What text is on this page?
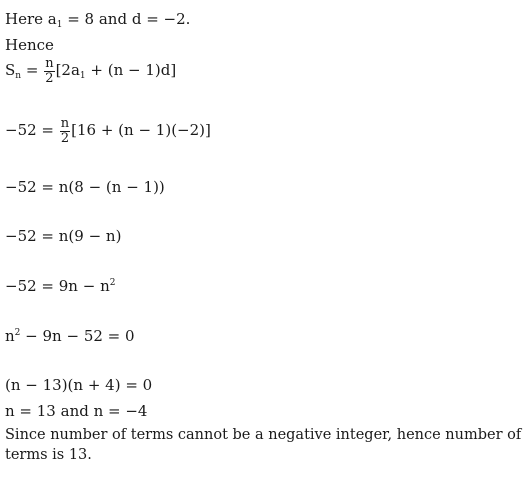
Here $a_1 = 8$ and d = −2.
Hence
$S_n = \frac{n}{2} [2a_1 + (n - 1)d]$
$-52 = \frac{n}{2} [16 + (n - 1)(-2)]$
−52 = n(8 − (n − 1))
−52 = n(9 − n)
$-52 = 9n - n^2$
$n^2 - 9n - 52 = 0$
(n − 13)(n + 4) = 0
n = 13 and n = −4
Since number of terms cannot be a negative integer, hence number of terms is 13.
